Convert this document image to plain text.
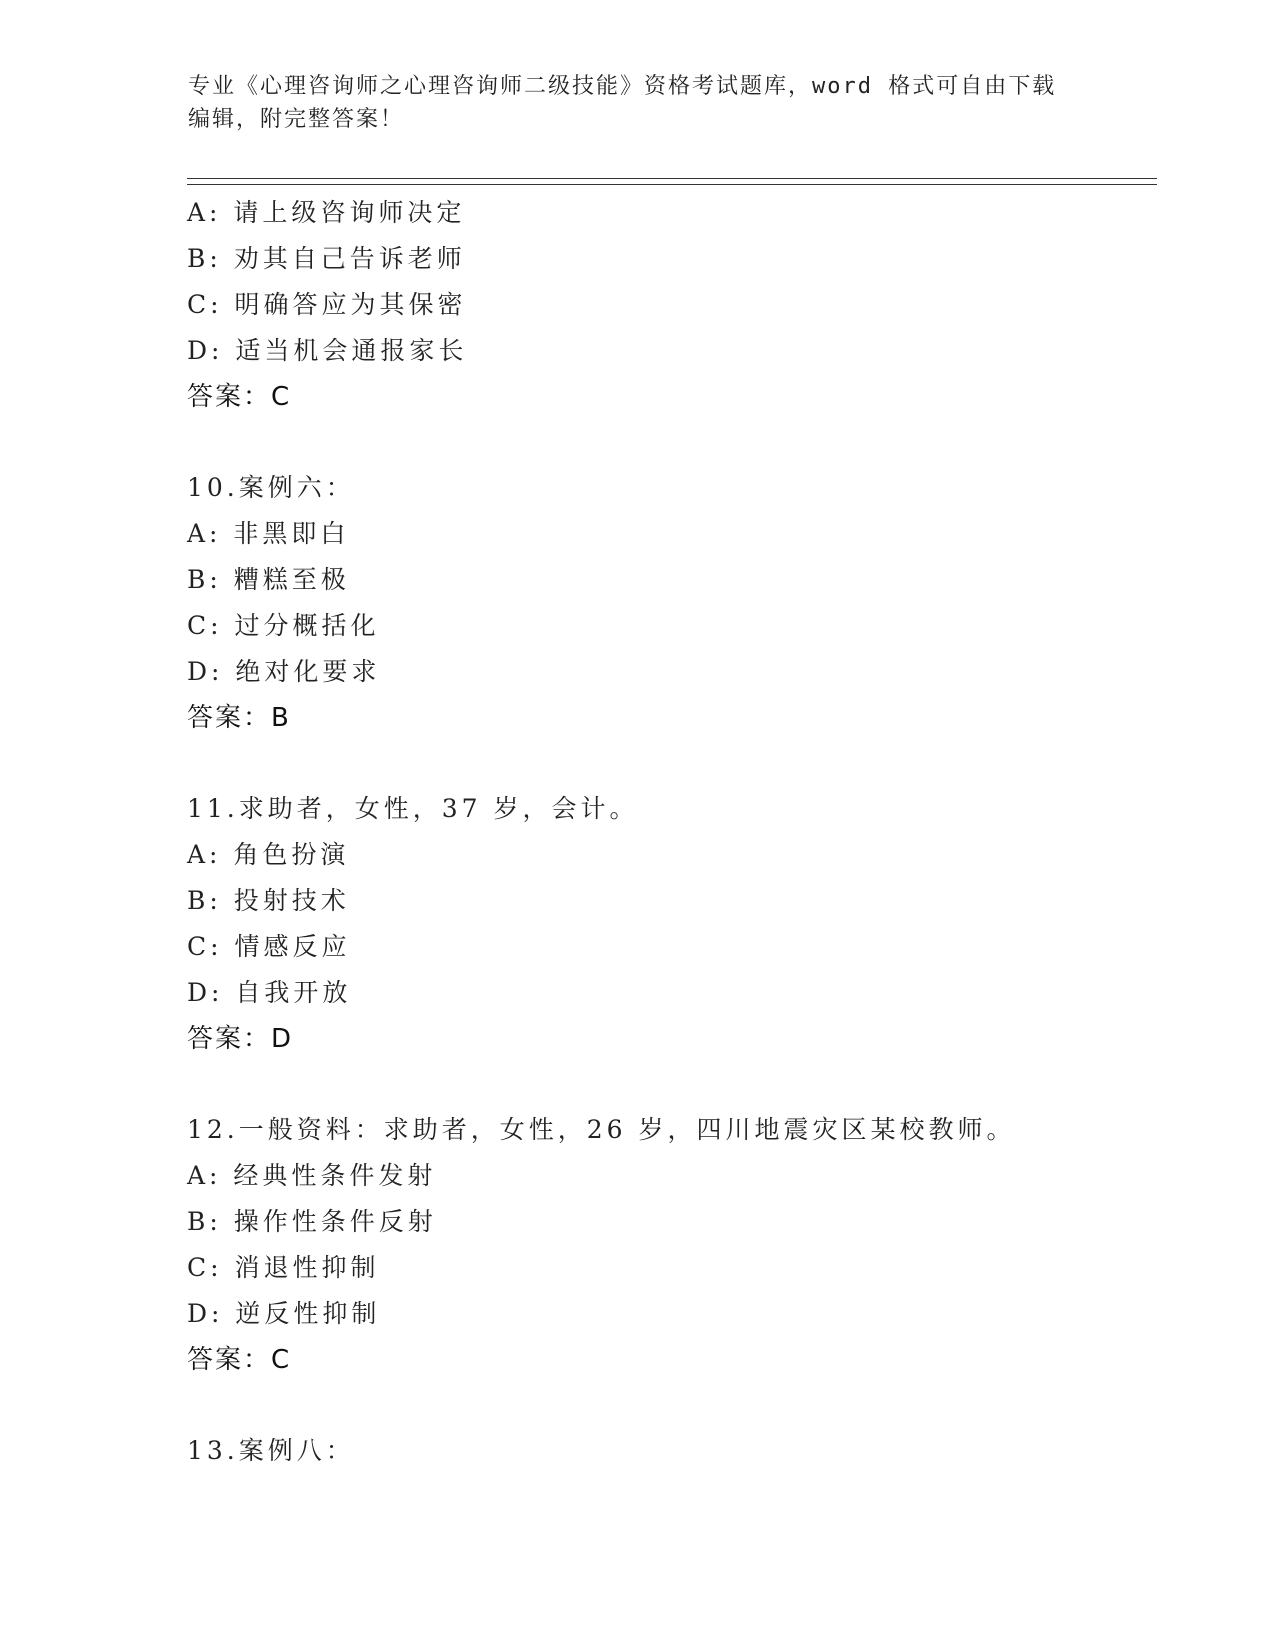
专业《心理咨询师之心理咨询师二级技能》资格考试题库，word 格式可自由下载
编辑，附完整答案！
A: 请上级咨询师决定
B: 劝其自己告诉老师
C: 明确答应为其保密
D: 适当机会通报家长
答案：C
10.案例六：
A: 非黑即白
B: 糟糕至极
C: 过分概括化
D: 绝对化要求
答案：B
11.求助者，女性，37 岁，会计。
A: 角色扮演
B: 投射技术
C: 情感反应
D: 自我开放
答案：D
12.一般资料：求助者，女性，26 岁，四川地震灾区某校教师。
A: 经典性条件发射
B: 操作性条件反射
C: 消退性抑制
D: 逆反性抑制
答案：C
13.案例八：
